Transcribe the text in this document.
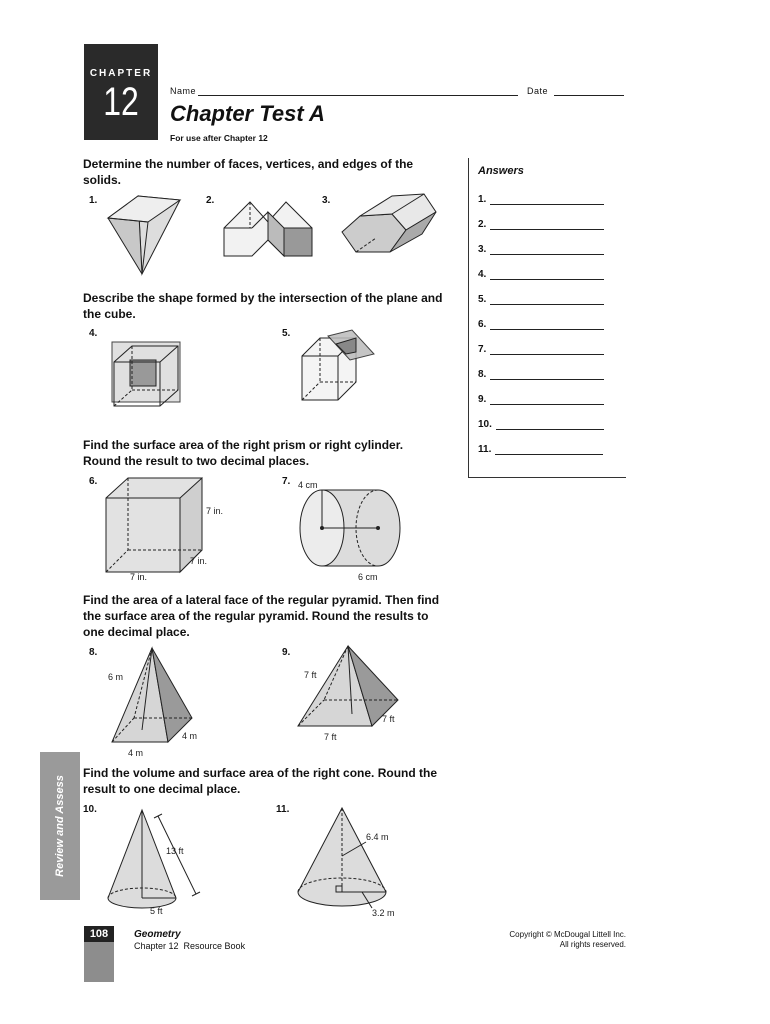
CHAPTER
12	Name	Date
Chapter Test A
For use after Chapter 12
Determine the number of faces, vertices, and edges of the solids.
1.	2.	3.
Describe the shape formed by the intersection of the plane and the cube.
4.	5.
Find the surface area of the right prism or right cylinder. Round the result to two decimal places.
6.	7.
7 in.
7 in.
7 in.
4 cm
6 cm
Find the area of a lateral face of the regular pyramid. Then find the surface area of the regular pyramid. Round the results to one decimal place.
8.	9.
6 m
4 m
4 m
7 ft
7 ft
7 ft
Find the volume and surface area of the right cone. Round the result to one decimal place.
10.	11.
13 ft
5 ft
6.4 m
3.2 m
Answers
1.
2.
3.
4.
5.
6.
7.
8.
9.
10.
11.
Review and Assess
108	Geometry
Chapter 12  Resource Book
Copyright © McDougal Littell Inc.
All rights reserved.
